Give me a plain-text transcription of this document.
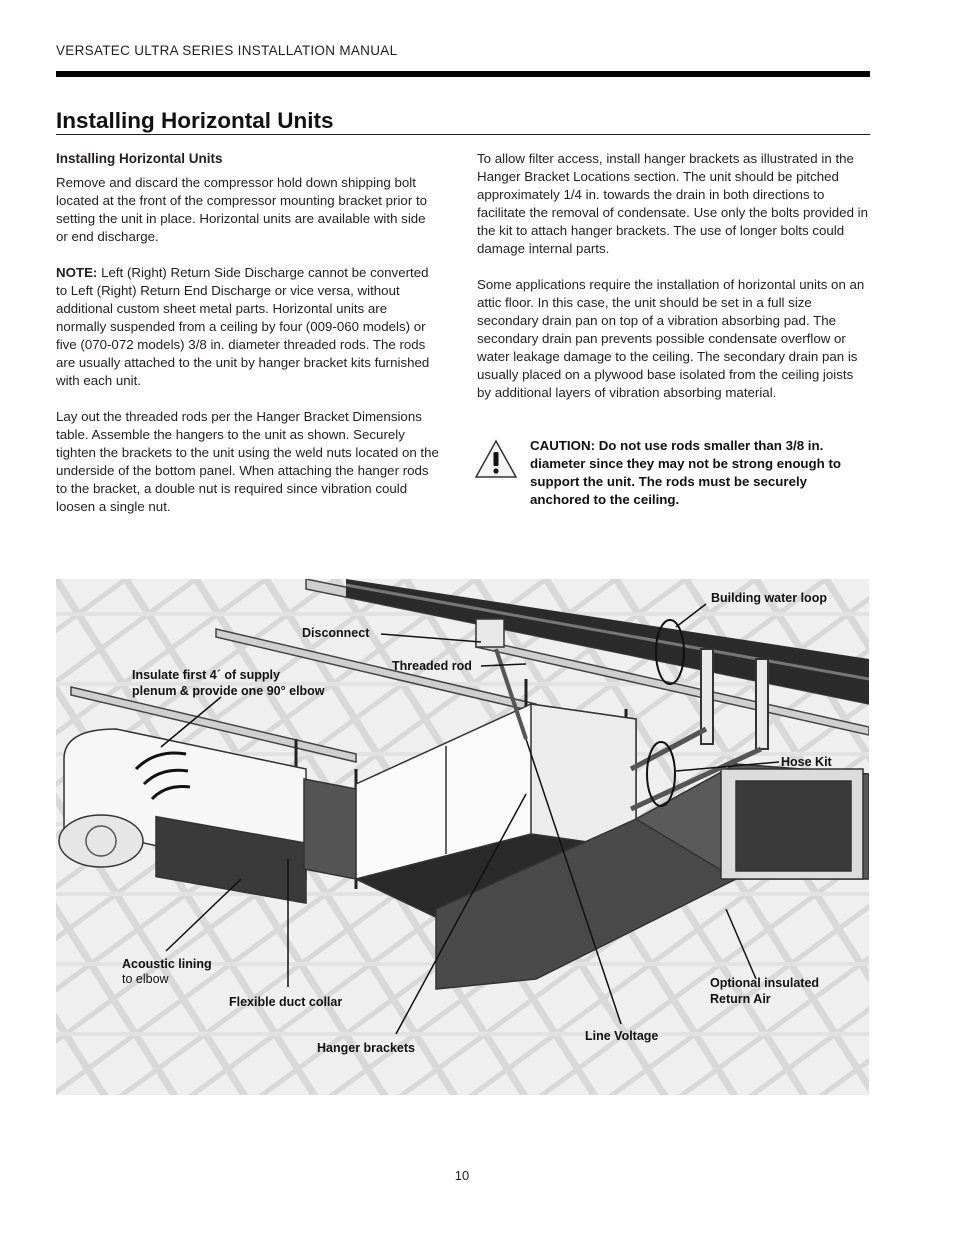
VERSATEC ULTRA SERIES INSTALLATION MANUAL
Installing Horizontal Units
Installing Horizontal Units

Remove and discard the compressor hold down shipping bolt located at the front of the compressor mounting bracket prior to setting the unit in place. Horizontal units are available with side or end discharge.

NOTE: Left (Right) Return Side Discharge cannot be converted to Left (Right) Return End Discharge or vice versa, without additional custom sheet metal parts. Horizontal units are normally suspended from a ceiling by four (009-060 models) or five (070-072 models) 3/8 in. diameter threaded rods. The rods are usually attached to the unit by hanger bracket kits furnished with each unit.

Lay out the threaded rods per the Hanger Bracket Dimensions table. Assemble the hangers to the unit as shown. Securely tighten the brackets to the unit using the weld nuts located on the underside of the bottom panel. When attaching the hanger rods to the bracket, a double nut is required since vibration could loosen a single nut.

To allow filter access, install hanger brackets as illustrated in the Hanger Bracket Locations section. The unit should be pitched approximately 1/4 in. towards the drain in both directions to facilitate the removal of condensate. Use only the bolts provided in the kit to attach hanger brackets. The use of longer bolts could damage internal parts.

Some applications require the installation of horizontal units on an attic floor. In this case, the unit should be set in a full size secondary drain pan on top of a vibration absorbing pad. The secondary drain pan prevents possible condensate overflow or water leakage damage to the ceiling. The secondary drain pan is usually placed on a plywood base isolated from the ceiling joists by additional layers of vibration absorbing material.

CAUTION: Do not use rods smaller than 3/8 in. diameter since they may not be strong enough to support the unit. The rods must be securely anchored to the ceiling.
Building water loop
Disconnect
Threaded rod
Insulate first 4´ of supply
plenum & provide one 90° elbow
Hose Kit
Acoustic lining
to elbow
Flexible duct collar
Hanger brackets
Line Voltage
Optional insulated
Return Air
10
